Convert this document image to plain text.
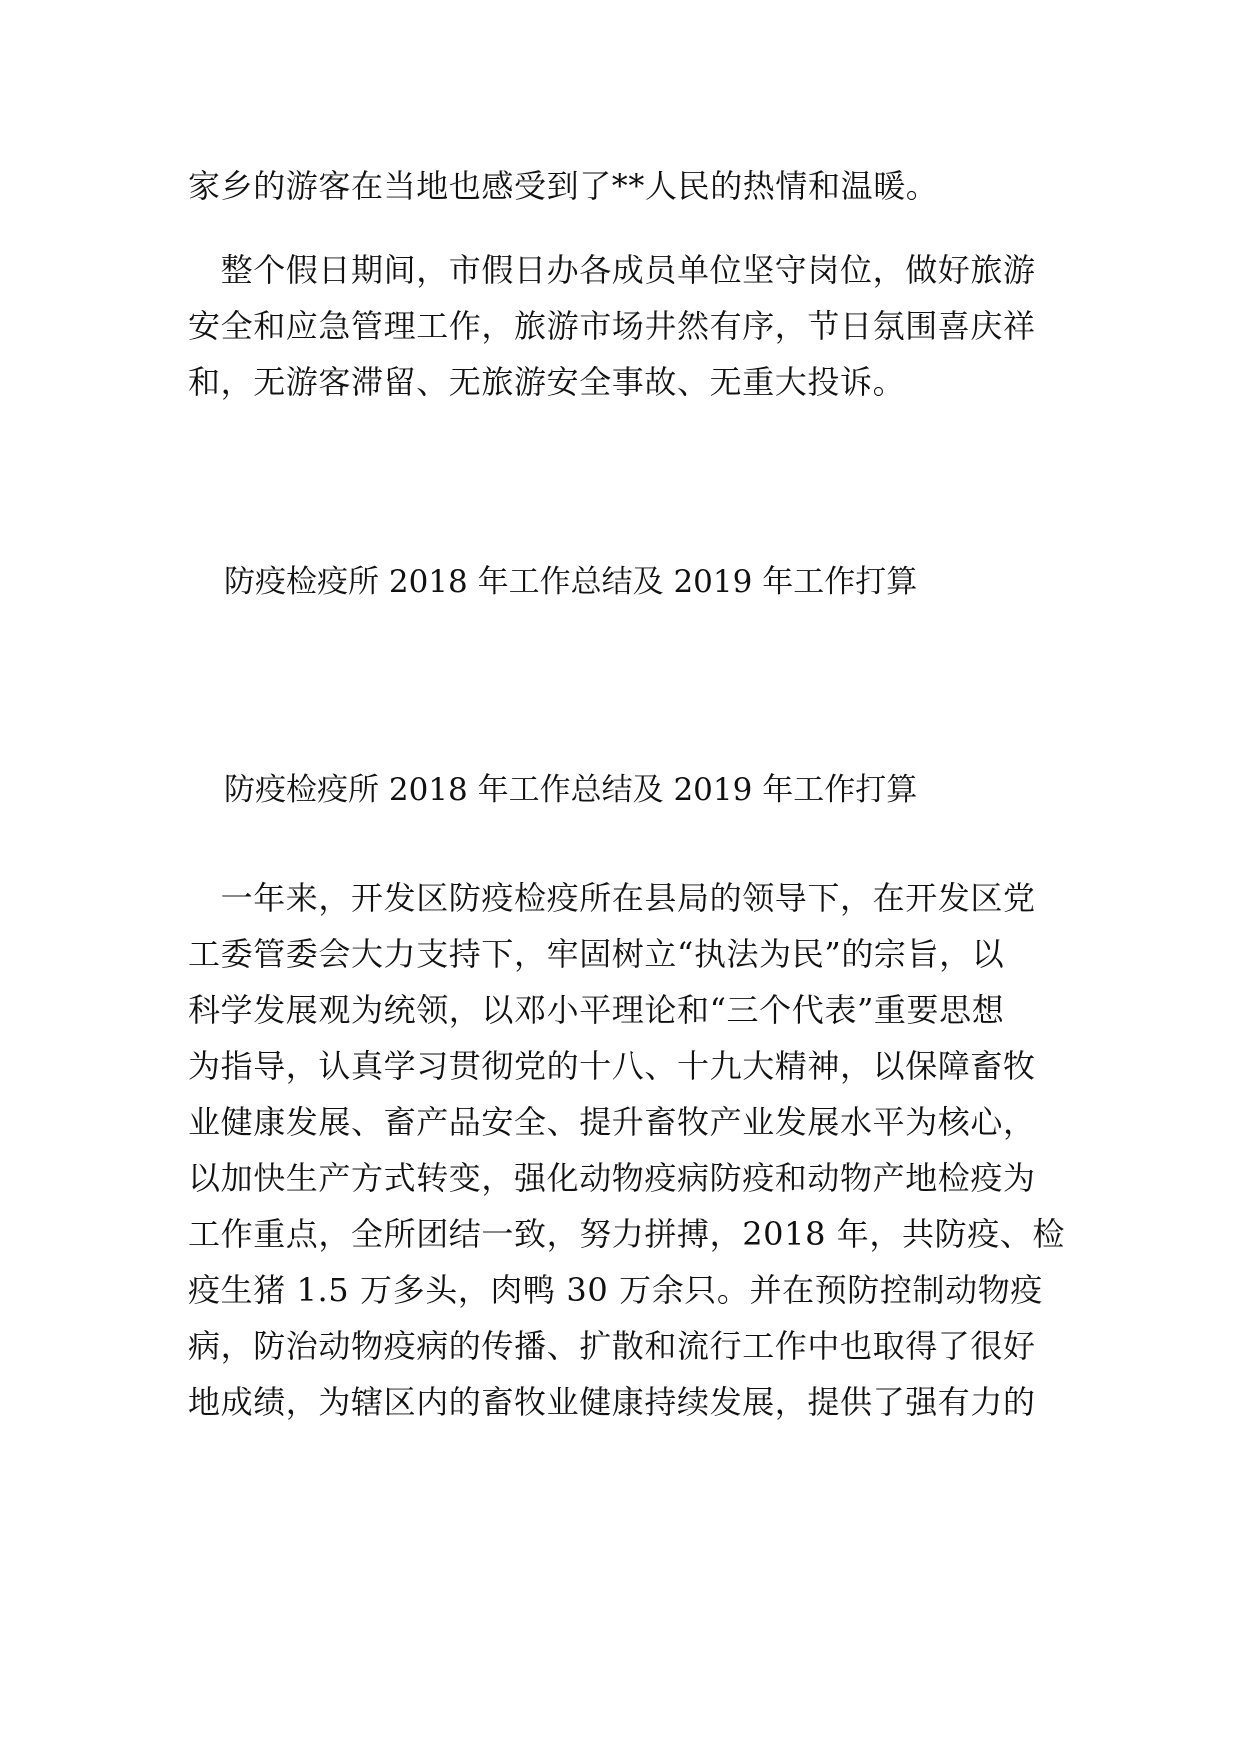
家乡的游客在当地也感受到了**人民的热情和温暖。
　整个假日期间，市假日办各成员单位坚守岗位，做好旅游
安全和应急管理工作，旅游市场井然有序，节日氛围喜庆祥
和，无游客滞留、无旅游安全事故、无重大投诉。
防疫检疫所 2018 年工作总结及 2019 年工作打算
防疫检疫所 2018 年工作总结及 2019 年工作打算
　一年来，开发区防疫检疫所在县局的领导下，在开发区党
工委管委会大力支持下，牢固树立“执法为民”的宗旨，以
科学发展观为统领，以邓小平理论和“三个代表”重要思想
为指导，认真学习贯彻党的十八、十九大精神，以保障畜牧
业健康发展、畜产品安全、提升畜牧产业发展水平为核心，
以加快生产方式转变，强化动物疫病防疫和动物产地检疫为
工作重点，全所团结一致，努力拼搏，2018 年，共防疫、检
疫生猪 1.5 万多头，肉鸭 30 万余只。并在预防控制动物疫
病，防治动物疫病的传播、扩散和流行工作中也取得了很好
地成绩，为辖区内的畜牧业健康持续发展，提供了强有力的
